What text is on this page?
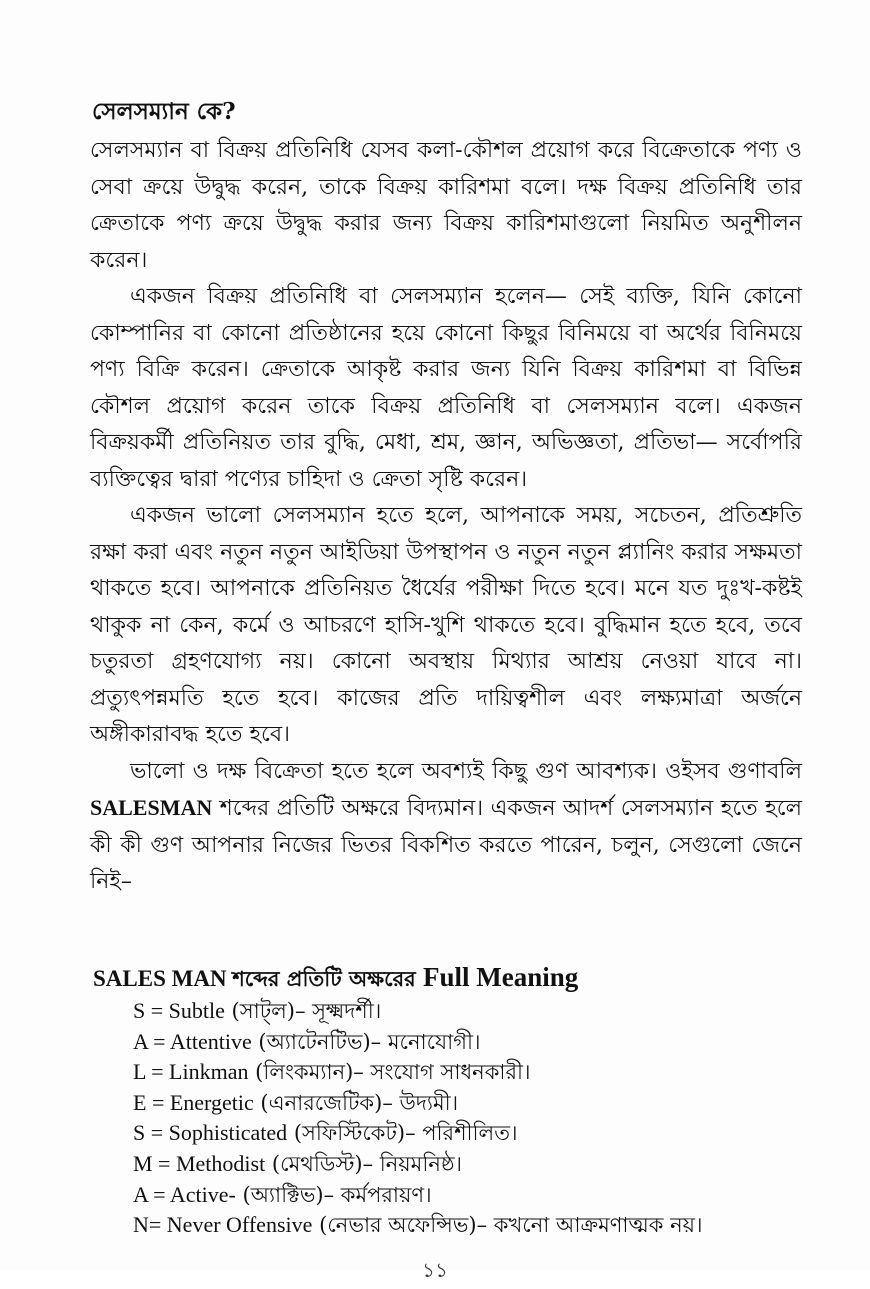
সেলসম্যান কে?

সেলসম্যান বা বিক্রয় প্রতিনিধি যেসব কলা-কৌশল প্রয়োগ করে বিক্রেতাকে পণ্য ও সেবা ক্রয়ে উদ্বুদ্ধ করেন, তাকে বিক্রয় কারিশমা বলে। দক্ষ বিক্রয় প্রতিনিধি তার ক্রেতাকে পণ্য ক্রয়ে উদ্বুদ্ধ করার জন্য বিক্রয় কারিশমাগুলো নিয়মিত অনুশীলন করেন।

একজন বিক্রয় প্রতিনিধি বা সেলসম্যান হলেন— সেই ব্যক্তি, যিনি কোনো কোম্পানির বা কোনো প্রতিষ্ঠানের হয়ে কোনো কিছুর বিনিময়ে বা অর্থের বিনিময়ে পণ্য বিক্রি করেন। ক্রেতাকে আকৃষ্ট করার জন্য যিনি বিক্রয় কারিশমা বা বিভিন্ন কৌশল প্রয়োগ করেন তাকে বিক্রয় প্রতিনিধি বা সেলসম্যান বলে। একজন বিক্রয়কর্মী প্রতিনিয়ত তার বুদ্ধি, মেধা, শ্রম, জ্ঞান, অভিজ্ঞতা, প্রতিভা— সর্বোপরি ব্যক্তিত্বের দ্বারা পণ্যের চাহিদা ও ক্রেতা সৃষ্টি করেন।

একজন ভালো সেলসম্যান হতে হলে, আপনাকে সময়, সচেতন, প্রতিশ্রুতি রক্ষা করা এবং নতুন নতুন আইডিয়া উপস্থাপন ও নতুন নতুন প্ল্যানিং করার সক্ষমতা থাকতে হবে। আপনাকে প্রতিনিয়ত ধৈর্যের পরীক্ষা দিতে হবে। মনে যত দুঃখ-কষ্টই থাকুক না কেন, কর্মে ও আচরণে হাসি-খুশি থাকতে হবে। বুদ্ধিমান হতে হবে, তবে চতুরতা গ্রহণযোগ্য নয়। কোনো অবস্থায় মিথ্যার আশ্রয় নেওয়া যাবে না। প্রত্যুৎপন্নমতি হতে হবে। কাজের প্রতি দায়িত্বশীল এবং লক্ষ্যমাত্রা অর্জনে অঙ্গীকারাবদ্ধ হতে হবে।

ভালো ও দক্ষ বিক্রেতা হতে হলে অবশ্যই কিছু গুণ আবশ্যক। ওইসব গুণাবলি SALESMAN শব্দের প্রতিটি অক্ষরে বিদ্যমান। একজন আদর্শ সেলসম্যান হতে হলে কী কী গুণ আপনার নিজের ভিতর বিকশিত করতে পারেন, চলুন, সেগুলো জেনে নিই–

SALES MAN শব্দের প্রতিটি অক্ষরের Full Meaning
S = Subtle (সাট্‌ল)– সূক্ষ্মদর্শী।
A = Attentive (অ্যাটেনটিভ)– মনোযোগী।
L = Linkman (লিংকম্যান)– সংযোগ সাধনকারী।
E = Energetic (এনারজেটিক)– উদ্যমী।
S = Sophisticated (সফিস্টিকেট)– পরিশীলিত।
M = Methodist (মেথডিস্ট)– নিয়মনিষ্ঠ।
A = Active- (অ্যাক্টিভ)– কর্মপরায়ণ।
N= Never Offensive (নেভার অফেন্সিভ)– কখনো আক্রমণাত্মক নয়।
১১
